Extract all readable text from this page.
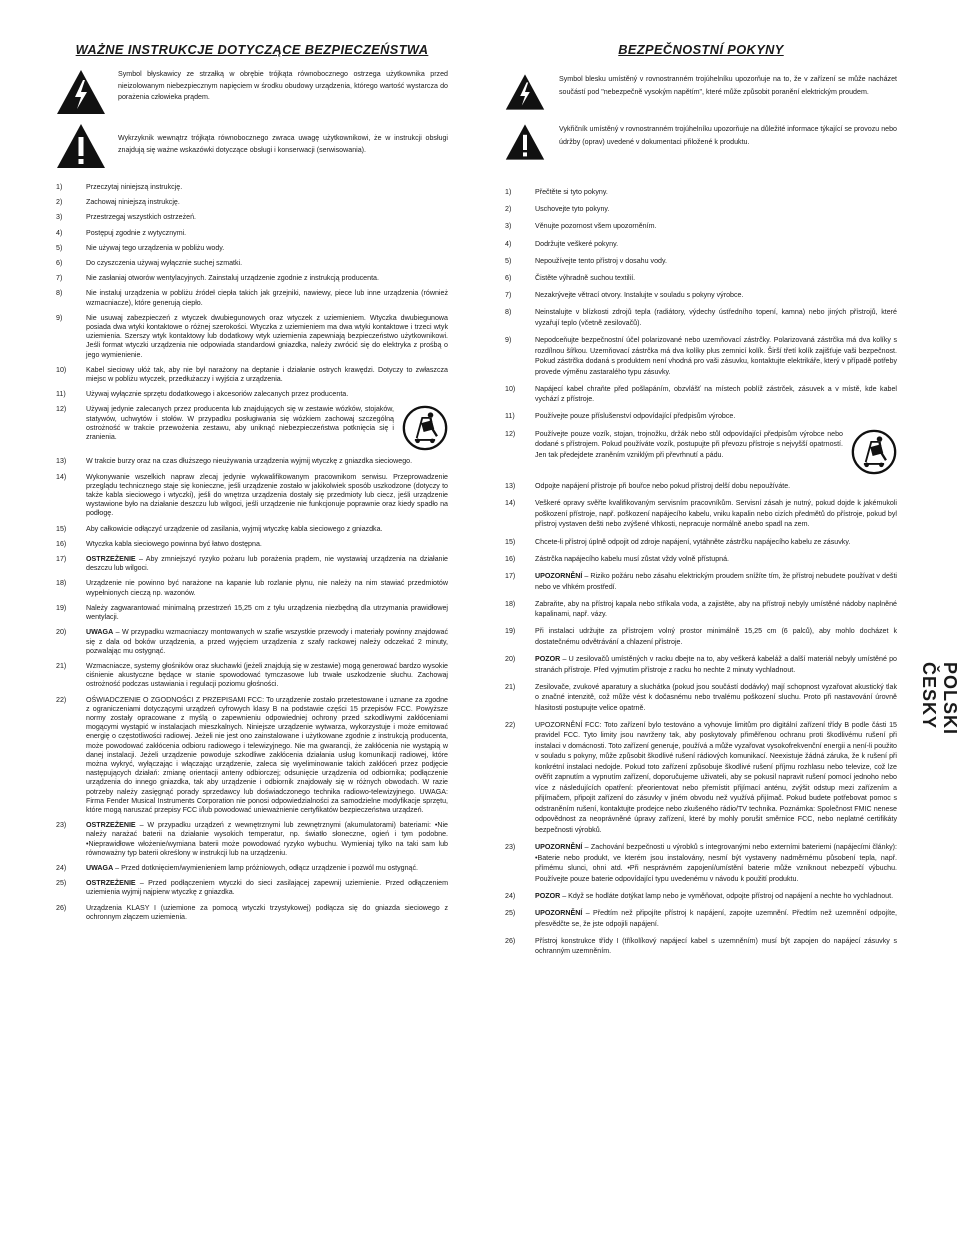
WAŻNE INSTRUKCJE DOTYCZĄCE BEZPIECZEŃSTWA

Symbol błyskawicy ze strzałką w obrębie trójkąta równobocznego ostrzega użytkownika przed nieizolowanym niebezpiecznym napięciem w środku obudowy urządzenia, którego wartość wystarcza do porażenia człowieka prądem.

Wykrzyknik wewnątrz trójkąta równobocznego zwraca uwagę użytkownikowi, że w instrukcji obsługi znajdują się ważne wskazówki dotyczące obsługi i konserwacji (serwisowania).

1)	Przeczytaj niniejszą instrukcję.
2)	Zachowaj niniejszą instrukcję.
3)	Przestrzegaj wszystkich ostrzeżeń.
4)	Postępuj zgodnie z wytycznymi.
5)	Nie używaj tego urządzenia w pobliżu wody.
6)	Do czyszczenia używaj wyłącznie suchej szmatki.
7)	Nie zasłaniaj otworów wentylacyjnych. Zainstaluj urządzenie zgodnie z instrukcją producenta.
8)	Nie instaluj urządzenia w pobliżu źródeł ciepła takich jak grzejniki, nawiewy, piece lub inne urządzenia (również wzmacniacze), które generują ciepło.
9)	Nie usuwaj zabezpieczeń z wtyczek dwubiegunowych oraz wtyczek z uziemieniem. Wtyczka dwubiegunowa posiada dwa wtyki kontaktowe o różnej szerokości. Wtyczka z uziemieniem ma dwa wtyki kontaktowe i trzeci wtyk uziemienia. Szerszy wtyk kontaktowy lub dodatkowy wtyk uziemienia zapewniają bezpieczeństwo użytkownikowi. Jeśli format wtyczki urządzenia nie odpowiada standardowi gniazdka, należy zwrócić się do elektryka z prośbą o jego wymienienie.
10)	Kabel sieciowy ułóż tak, aby nie był narażony na deptanie i działanie ostrych krawędzi. Dotyczy to zwłaszcza miejsc w pobliżu wtyczek, przedłużaczy i wyjścia z urządzenia.
11)	Używaj wyłącznie sprzętu dodatkowego i akcesoriów zalecanych przez producenta.
12)	Używaj jedynie zalecanych przez producenta lub znajdujących się w zestawie wózków, stojaków, statywów, uchwytów i stołów. W przypadku posługiwania się wózkiem zachowaj szczególną ostrożność w trakcie przewożenia zestawu, aby uniknąć niebezpieczeństwa potknięcia się i zranienia.
13)	W trakcie burzy oraz na czas dłuższego nieużywania urządzenia wyjmij wtyczkę z gniazdka sieciowego.
14)	Wykonywanie wszelkich napraw zlecaj jedynie wykwalifikowanym pracownikom serwisu. Przeprowadzenie przeglądu technicznego staje się konieczne, jeśli urządzenie zostało w jakikolwiek sposób uszkodzone (dotyczy to także kabla sieciowego i wtyczki), jeśli do wnętrza urządzenia dostały się przedmioty lub ciecz, jeśli urządzenie wystawione było na działanie deszczu lub wilgoci, jeśli urządzenie nie funkcjonuje poprawnie oraz kiedy spadło na podłogę.
15)	Aby całkowicie odłączyć urządzenie od zasilania, wyjmij wtyczkę kabla sieciowego z gniazdka.
16)	Wtyczka kabla sieciowego powinna być łatwo dostępna.
17)	OSTRZEŻENIE – Aby zmniejszyć ryzyko pożaru lub porażenia prądem, nie wystawiaj urządzenia na działanie deszczu lub wilgoci.
18)	Urządzenie nie powinno być narażone na kapanie lub rozlanie płynu, nie należy na nim stawiać przedmiotów wypełnionych cieczą np. wazonów.
19)	Należy zagwarantować minimalną przestrzeń 15,25 cm z tyłu urządzenia niezbędną dla utrzymania prawidłowej wentylacji.
20)	UWAGA – W przypadku wzmacniaczy montowanych w szafie wszystkie przewody i materiały powinny znajdować się z dala od boków urządzenia, a przed wyjęciem urządzenia z szafy rackowej należy odczekać 2 minuty, pozwalając mu ostygnąć.
21)	Wzmacniacze, systemy głośników oraz słuchawki (jeżeli znajdują się w zestawie) mogą generować bardzo wysokie ciśnienie akustyczne będące w stanie spowodować tymczasowe lub trwałe uszkodzenie słuchu. Zachowaj ostrożność podczas ustawiania i regulacji poziomu głośności.
22)	OŚWIADCZENIE O ZGODNOŚCI Z PRZEPISAMI FCC: To urządzenie zostało przetestowane i uznane za zgodne z ograniczeniami dotyczącymi urządzeń cyfrowych klasy B na podstawie części 15 przepisów FCC. Powyższe normy zostały opracowane z myślą o zapewnieniu odpowiedniej ochrony przed szkodliwymi zakłóceniami mogącymi wystąpić w instalacjach mieszkalnych. Niniejsze urządzenie wytwarza, wykorzystuje i może emitować energię o częstotliwości radiowej. Jeżeli nie jest ono zainstalowane i użytkowane zgodnie z instrukcją producenta, może powodować zakłócenia odbioru radiowego i telewizyjnego. Nie ma gwarancji, że zakłócenia nie wystąpią w danej instalacji. Jeżeli urządzenie powoduje szkodliwe zakłócenia działania usług komunikacji radiowej, które można wykryć, wyłączając i włączając urządzenie, zaleca się wyeliminowanie takich zakłóceń przez podjęcie następujących działań: zmianę orientacji anteny odbiorczej; odsunięcie urządzenia od odbiornika; podłączenie urządzenia do innego gniazdka, tak aby urządzenie i odbiornik znajdowały się w różnych obwodach. W razie potrzeby należy zasięgnąć porady sprzedawcy lub doświadczonego technika radiowo-telewizyjnego. UWAGA: Firma Fender Musical Instruments Corporation nie ponosi odpowiedzialności za samodzielne modyfikacje sprzętu, które mogą naruszać przepisy FCC i/lub powodować unieważnienie certyfikatów bezpieczeństwa urządzeń.
23)	OSTRZEŻENIE – W przypadku urządzeń z wewnętrznymi lub zewnętrznymi (akumulatorami) bateriami: •Nie należy narażać baterii na działanie wysokich temperatur, np. światło słoneczne, ogień i tym podobne. •Nieprawidłowe włożenie/wymiana baterii może powodować ryzyko wybuchu. Wymieniaj tylko na taki sam lub równoważny typ baterii określony w instrukcji lub na urządzeniu.
24)	UWAGA – Przed dotknięciem/wymienieniem lamp próżniowych, odłącz urządzenie i pozwól mu ostygnąć.
25)	OSTRZEŻENIE – Przed podłączeniem wtyczki do sieci zasilającej zapewnij uziemienie. Przed odłączeniem uziemienia wyjmij najpierw wtyczkę z gniazdka.
26)	Urządzenia KLASY I (uziemione za pomocą wtyczki trzystykowej) podłącza się do gniazda sieciowego z ochronnym złączem uziemienia.
BEZPEČNOSTNÍ POKYNY

Symbol blesku umístěný v rovnostranném trojúhelníku upozorňuje na to, že v zařízení se může nacházet součástí pod "nebezpečně vysokým napětím", které může způsobit poranění elektrickým proudem.

Vykřičník umístěný v rovnostranném trojúhelníku upozorňuje na důležité informace týkající se provozu nebo údržby (oprav) uvedené v dokumentaci přiložené k produktu.

1)	Přečtěte si tyto pokyny.
2)	Uschovejte tyto pokyny.
3)	Věnujte pozornost všem upozorněním.
4)	Dodržujte veškeré pokyny.
5)	Nepoužívejte tento přístroj v dosahu vody.
6)	Čistěte výhradně suchou textilií.
7)	Nezakrývejte větrací otvory. Instalujte v souladu s pokyny výrobce.
8)	Neinstalujte v blízkosti zdrojů tepla (radiátory, výdechy ústředního topení, kamna) nebo jiných přístrojů, které vyzařují teplo (včetně zesilovačů).
9)	Nepodceňujte bezpečnostní účel polarizované nebo uzemňovací zástrčky. Polarizovaná zástrčka má dva kolíky s rozdílnou šířkou. Uzemňovací zástrčka má dva kolíky plus zemnicí kolík. Širší třetí kolík zajišťuje vaši bezpečnost. Pokud zástrčka dodaná s produktem není vhodná pro vaši zásuvku, kontaktujte elektrikáře, který v případě potřeby provede výměnu zastaralého typu zásuvky.
10)	Napájecí kabel chraňte před pošlapáním, obzvlášť na místech poblíž zástrček, zásuvek a v místě, kde kabel vychází z přístroje.
11)	Používejte pouze příslušenství odpovídající předpisům výrobce.
12)	Používejte pouze vozík, stojan, trojnožku, držák nebo stůl odpovídající předpisům výrobce nebo dodané s přístrojem. Pokud používáte vozík, postupujte při převozu přístroje s nejvyšší opatrností. Jen tak předejdete zraněním vzniklým při převrhnutí a pádu.
13)	Odpojte napájení přístroje při bouřce nebo pokud přístroj delší dobu nepoužíváte.
14)	Veškeré opravy svěřte kvalifikovaným servisním pracovníkům. Servisní zásah je nutný, pokud dojde k jakémukoli poškození přístroje, např. poškození napájecího kabelu, vniku kapalin nebo cizích předmětů do přístroje, pokud byl přístroj vystaven dešti nebo zvýšené vlhkosti, nepracuje normálně anebo spadl na zem.
15)	Chcete-li přístroj úplně odpojit od zdroje napájení, vytáhněte zástrčku napájecího kabelu ze zásuvky.
16)	Zástrčka napájecího kabelu musí zůstat vždy volně přístupná.
17)	UPOZORNĚNÍ – Riziko požáru nebo zásahu elektrickým proudem snížíte tím, že přístroj nebudete používat v dešti nebo ve vlhkém prostředí.
18)	Zabraňte, aby na přístroj kapala nebo stříkala voda, a zajistěte, aby na přístroji nebyly umístěné nádoby naplněné kapalinami, např. vázy.
19)	Při instalaci udržujte za přístrojem volný prostor minimálně 15,25 cm (6 palců), aby mohlo docházet k dostatečnému odvětrávání a chlazení přístroje.
20)	POZOR – U zesilovačů umístěných v racku dbejte na to, aby veškerá kabeláž a další materiál nebyly umístěné po stranách přístroje. Před vyjmutím přístroje z racku ho nechte 2 minuty vychladnout.
21)	Zesilovače, zvukové aparatury a sluchátka (pokud jsou součástí dodávky) mají schopnost vyzařovat akustický tlak o značné intenzitě, což může vést k dočasnému nebo trvalému poškození sluchu. Proto při nastavování úrovně hlasitosti postupujte velice opatrně.
22)	UPOZORNĚNÍ FCC: Toto zařízení bylo testováno a vyhovuje limitům pro digitální zařízení třídy B podle části 15 pravidel FCC. Tyto limity jsou navrženy tak, aby poskytovaly přiměřenou ochranu proti škodlivému rušení při instalaci v domácnosti. Toto zařízení generuje, používá a může vyzařovat vysokofrekvenční energii a není-li použito v souladu s pokyny, může způsobit škodlivé rušení rádiových komunikací. Neexistuje žádná záruka, že k rušení při konkrétní instalaci nedojde. Pokud toto zařízení způsobuje škodlivé rušení příjmu rozhlasu nebo televize, což lze ověřit zapnutím a vypnutím zařízení, doporučujeme uživateli, aby se pokusil napravit rušení pomocí jednoho nebo více z následujících opatření: přeorientovat nebo přemístit přijímací anténu, zvýšit odstup mezi zařízením a přijímačem, připojit zařízení do zásuvky v jiném obvodu než využívá přijímač. Pokud budete potřebovat pomoc s odstraněním rušení, kontaktujte prodejce nebo zkušeného rádio/TV technika. Poznámka: Společnost FMIC nenese odpovědnost za neoprávněné úpravy zařízení, které by mohly porušit směrnice FCC, nebo neplatné certifikáty bezpečnosti výrobků.
23)	UPOZORNĚNÍ – Zachování bezpečnosti u výrobků s integrovanými nebo externími bateriemi (napájecími články): •Baterie nebo produkt, ve kterém jsou instalovány, nesmí být vystaveny nadměrnému působení tepla, např. přímému slunci, ohni atd. •Při nesprávném zapojení/umístění baterie může vzniknout nebezpečí výbuchu. Používejte pouze baterie odpovídající typu uvedenému v návodu k použití produktu.
24)	POZOR – Když se hodláte dotýkat lamp nebo je vyměňovat, odpojte přístroj od napájení a nechte ho vychladnout.
25)	UPOZORNĚNÍ – Předtím než připojíte přístroj k napájení, zapojte uzemnění. Předtím než uzemnění odpojíte, přesvědčte se, že jste odpojili napájení.
26)	Přístroj konstrukce třídy I (tříkolíkový napájecí kabel s uzemněním) musí být zapojen do napájecí zásuvky s ochranným uzemněním.
POLSKI
ČESKY
